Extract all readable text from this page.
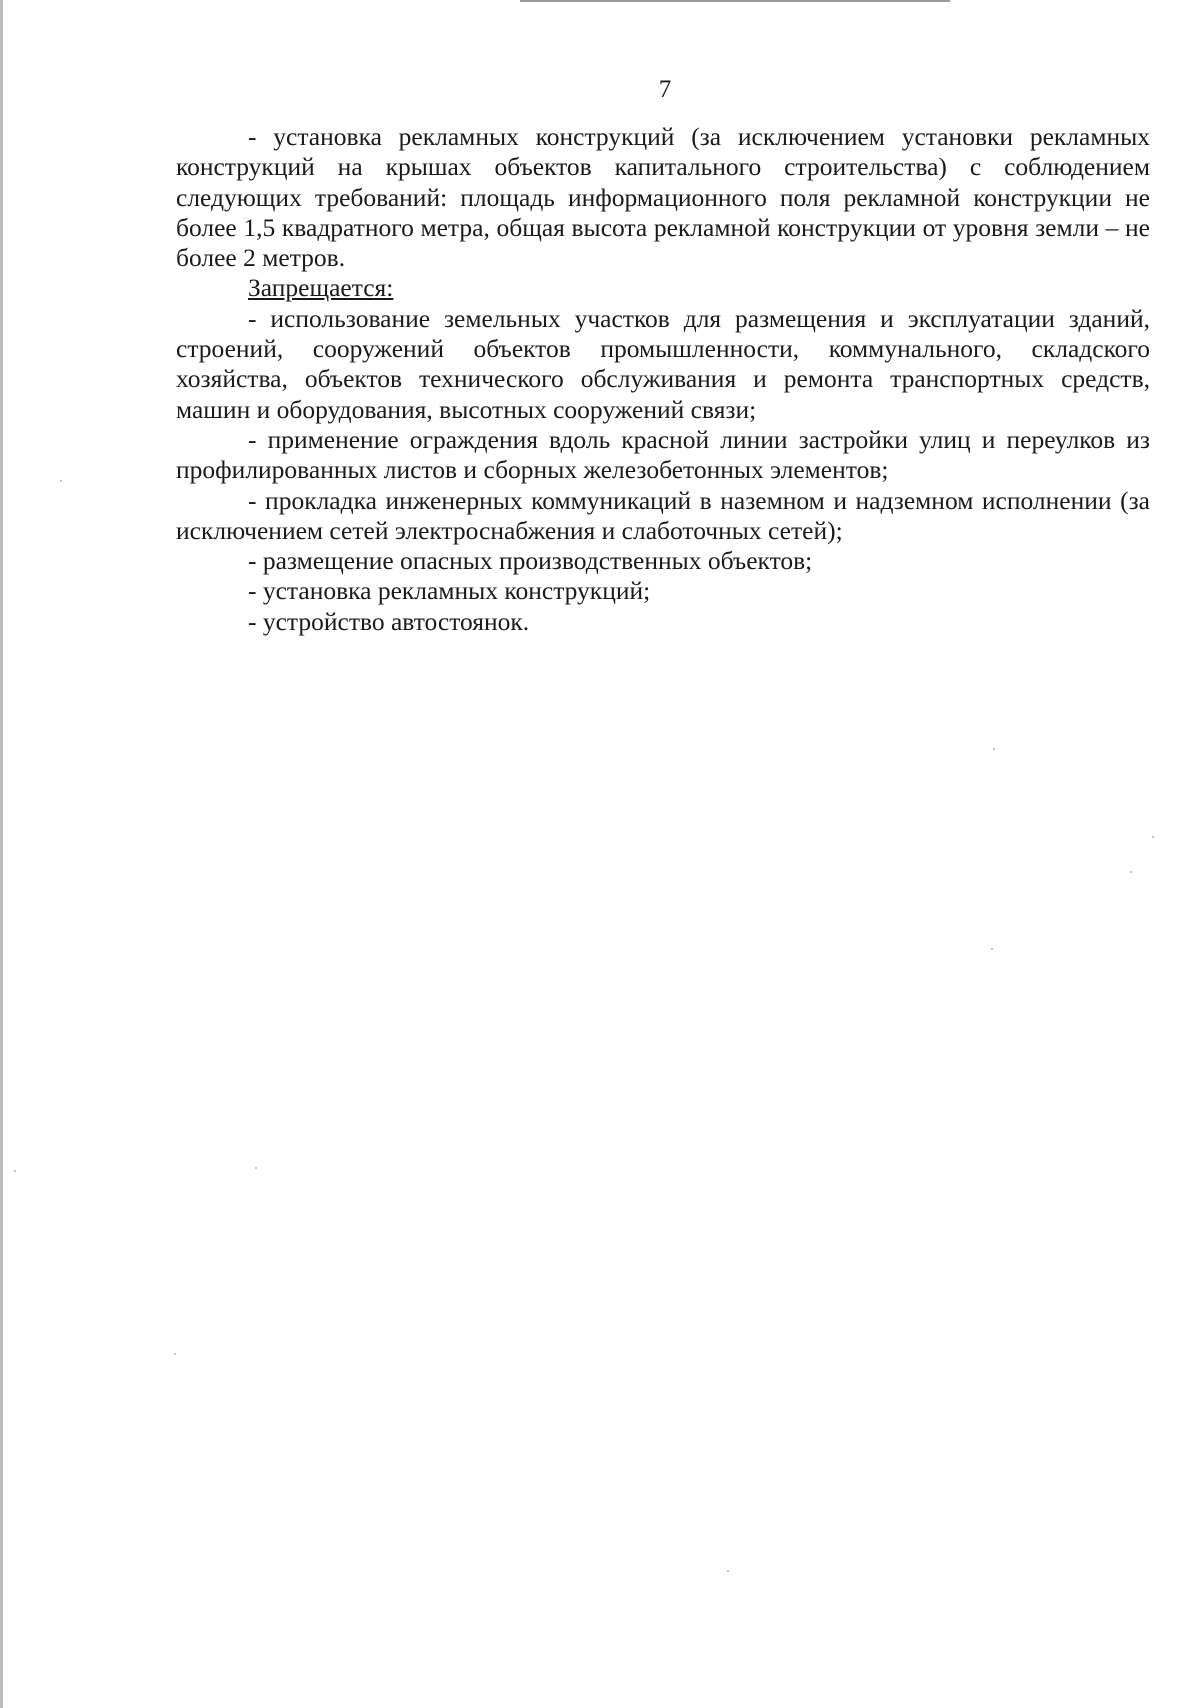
7

- установка рекламных конструкций (за исключением установки рекламных конструкций на крышах объектов капитального строительства) с соблюдением следующих требований: площадь информационного поля рекламной конструкции не более 1,5 квадратного метра, общая высота рекламной конструкции от уровня земли – не более 2 метров.

Запрещается:

- использование земельных участков для размещения и эксплуатации зданий, строений, сооружений объектов промышленности, коммунального, складского хозяйства, объектов технического обслуживания и ремонта транспортных средств, машин и оборудования, высотных сооружений связи;

- применение ограждения вдоль красной линии застройки улиц и переулков из профилированных листов и сборных железобетонных элементов;

- прокладка инженерных коммуникаций в наземном и надземном исполнении (за исключением сетей электроснабжения и слаботочных сетей);

- размещение опасных производственных объектов;

- установка рекламных конструкций;

- устройство автостоянок.
